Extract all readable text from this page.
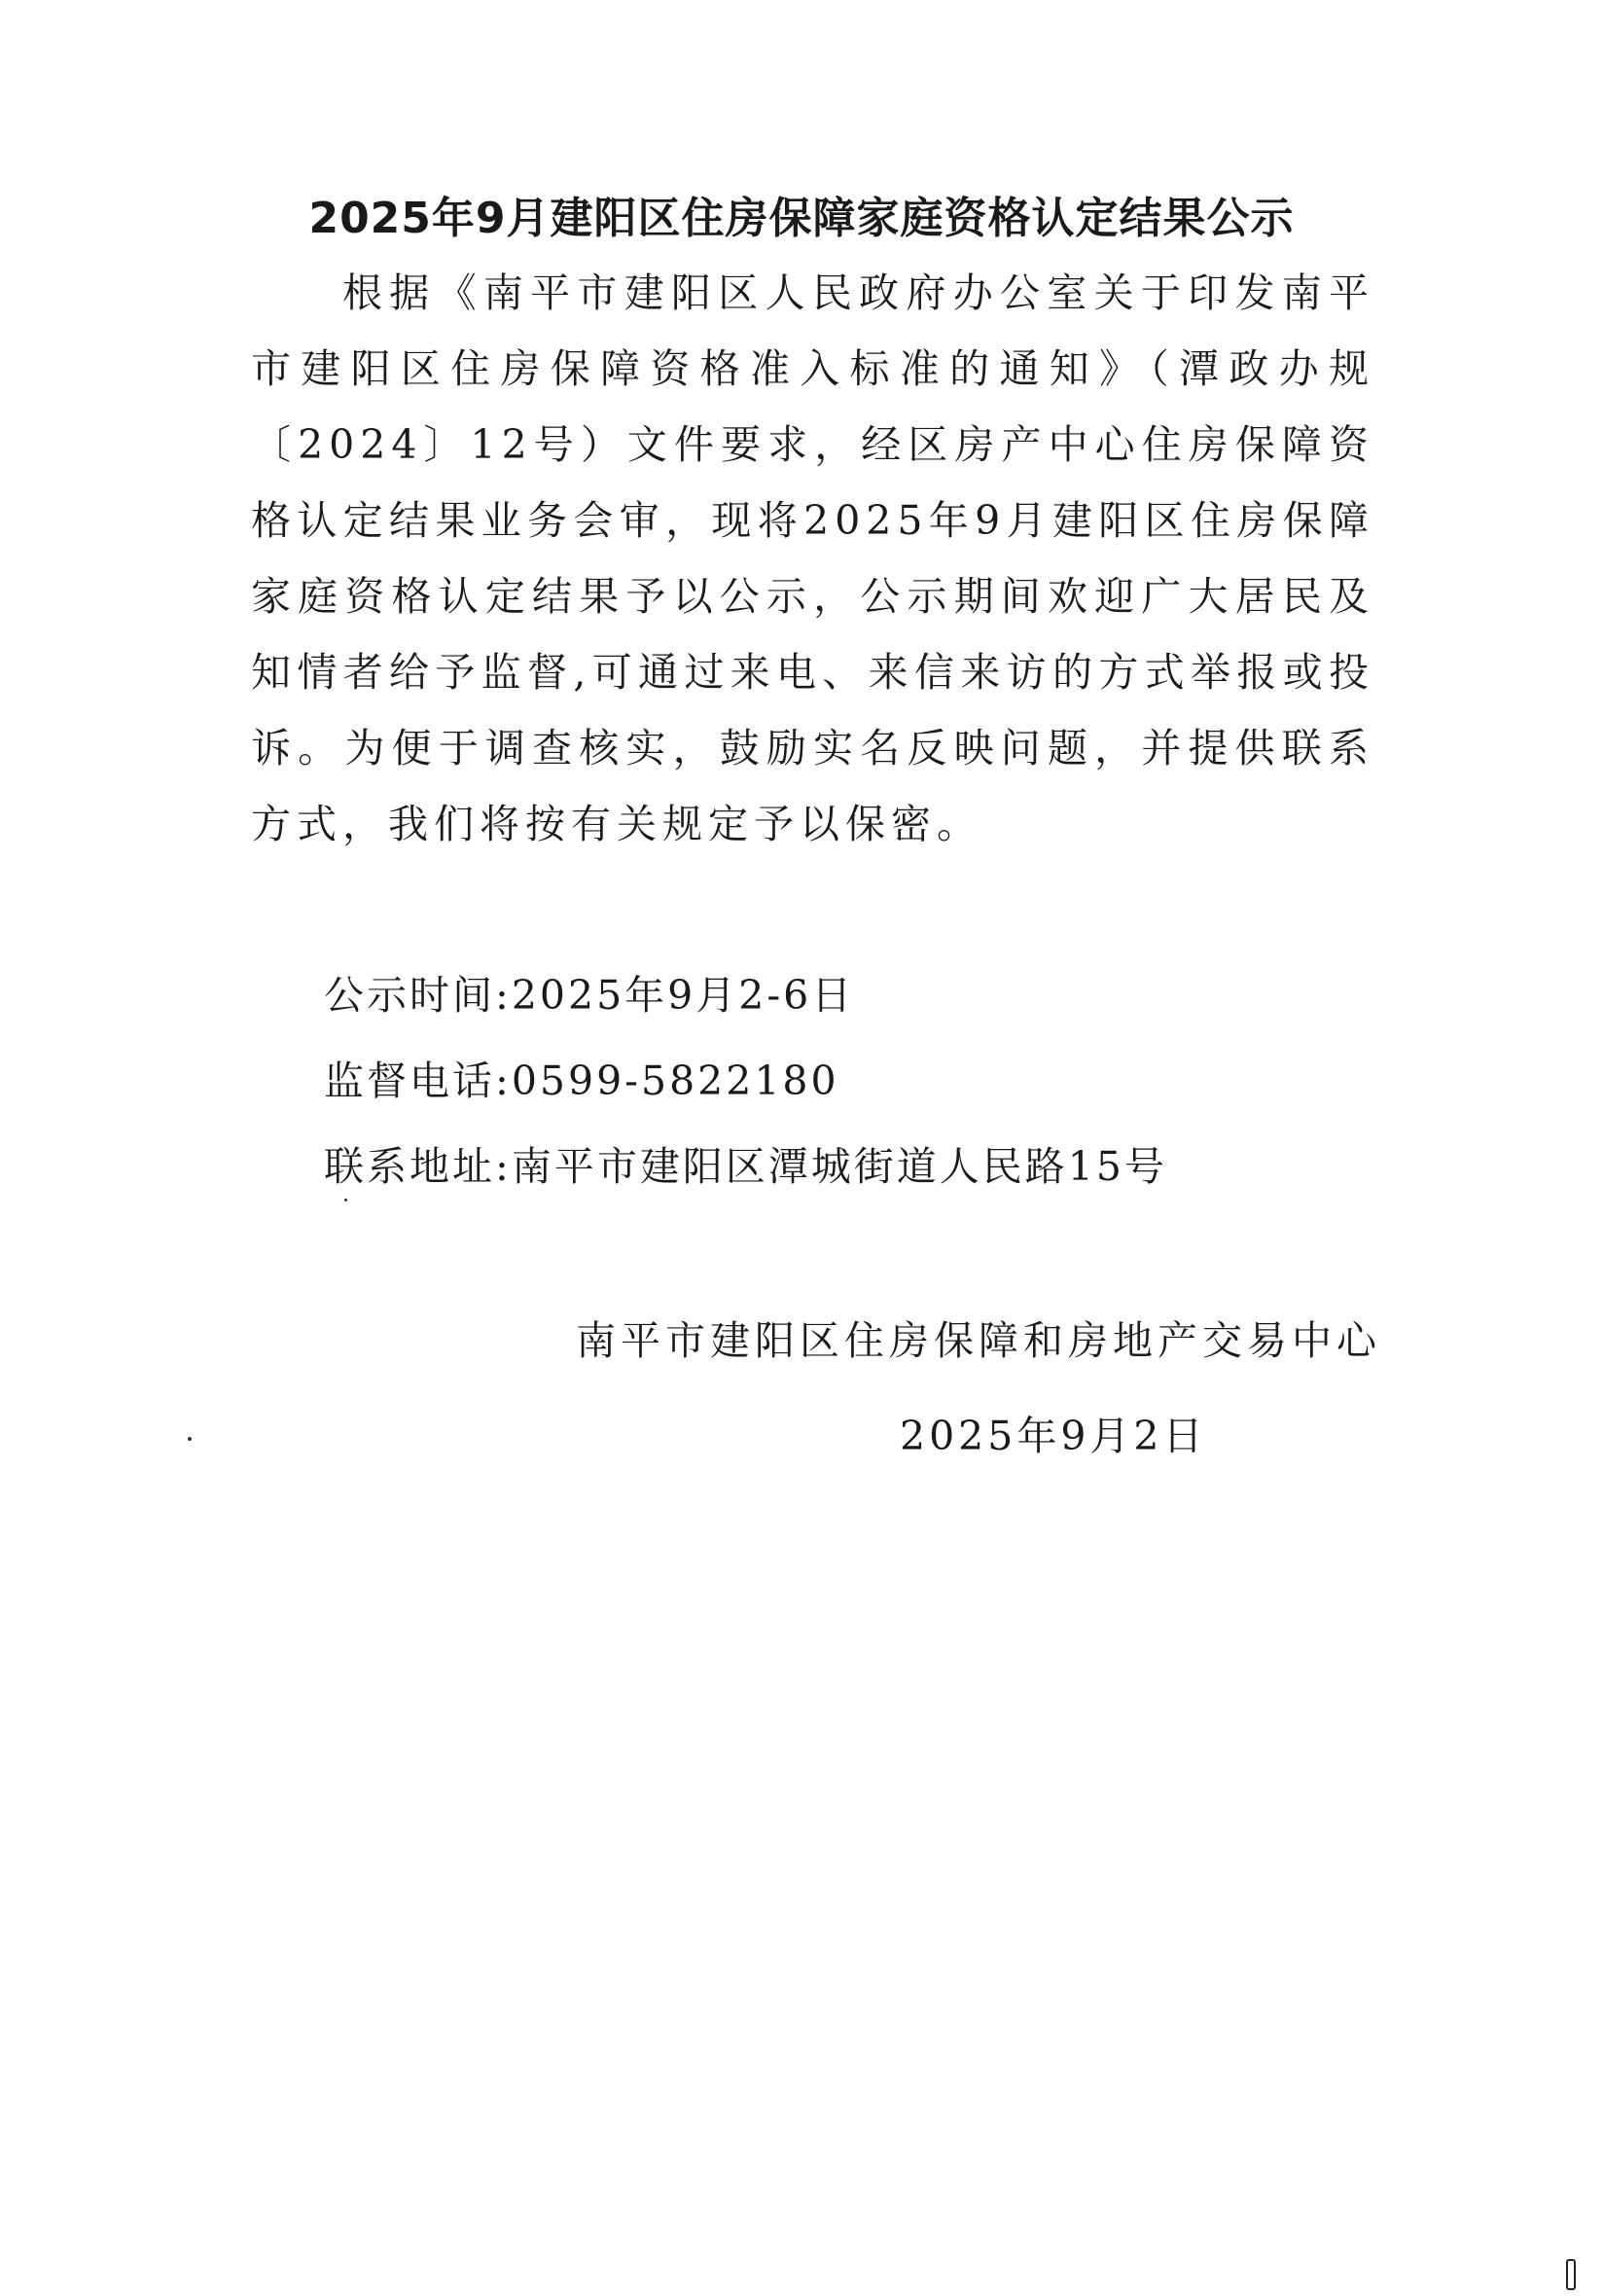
2025年9月建阳区住房保障家庭资格认定结果公示

根据《南平市建阳区人民政府办公室关于印发南平市建阳区住房保障资格准入标准的通知》（潭政办规〔2024〕12号）文件要求，经区房产中心住房保障资格认定结果业务会审，现将2025年9月建阳区住房保障家庭资格认定结果予以公示，公示期间欢迎广大居民及知情者给予监督,可通过来电、来信来访的方式举报或投诉。为便于调查核实，鼓励实名反映问题，并提供联系方式，我们将按有关规定予以保密。

公示时间:2025年9月2-6日

监督电话:0599-5822180

联系地址:南平市建阳区潭城街道人民路15号

南平市建阳区住房保障和房地产交易中心

2025年9月2日
